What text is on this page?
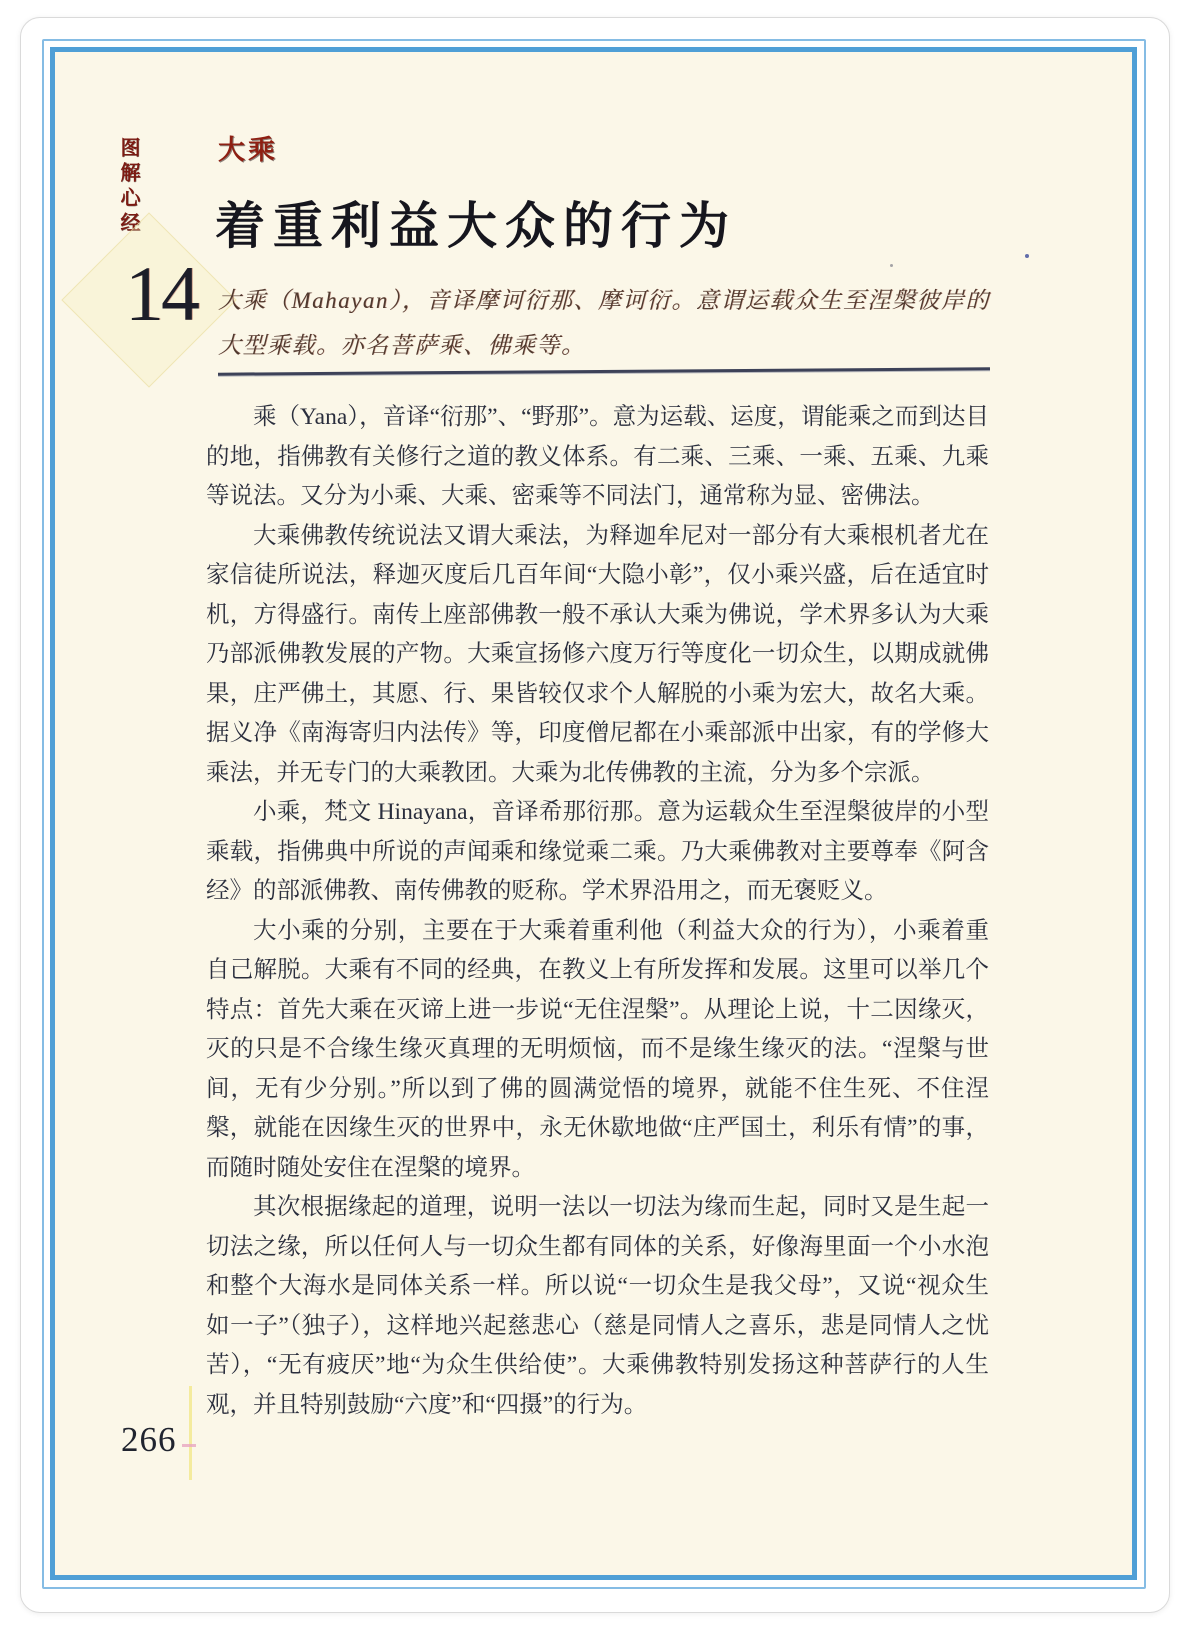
图解心经
14
大乘
着重利益大众的行为
大乘（Mahayan），音译摩诃衍那、摩诃衍。意谓运载众生至涅槃彼岸的大型乘载。亦名菩萨乘、佛乘等。

乘（Yana），音译“衍那”、“野那”。意为运载、运度，谓能乘之而到达目的地，指佛教有关修行之道的教义体系。有二乘、三乘、一乘、五乘、九乘等说法。又分为小乘、大乘、密乘等不同法门，通常称为显、密佛法。

大乘佛教传统说法又谓大乘法，为释迦牟尼对一部分有大乘根机者尤在家信徒所说法，释迦灭度后几百年间“大隐小彰”，仅小乘兴盛，后在适宜时机，方得盛行。南传上座部佛教一般不承认大乘为佛说，学术界多认为大乘乃部派佛教发展的产物。大乘宣扬修六度万行等度化一切众生，以期成就佛果，庄严佛土，其愿、行、果皆较仅求个人解脱的小乘为宏大，故名大乘。据义净《南海寄归内法传》等，印度僧尼都在小乘部派中出家，有的学修大乘法，并无专门的大乘教团。大乘为北传佛教的主流，分为多个宗派。

小乘，梵文 Hinayana，音译希那衍那。意为运载众生至涅槃彼岸的小型乘载，指佛典中所说的声闻乘和缘觉乘二乘。乃大乘佛教对主要尊奉《阿含经》的部派佛教、南传佛教的贬称。学术界沿用之，而无褒贬义。

大小乘的分别，主要在于大乘着重利他（利益大众的行为），小乘着重自己解脱。大乘有不同的经典，在教义上有所发挥和发展。这里可以举几个特点：首先大乘在灭谛上进一步说“无住涅槃”。从理论上说，十二因缘灭，灭的只是不合缘生缘灭真理的无明烦恼，而不是缘生缘灭的法。“涅槃与世间，无有少分别。”所以到了佛的圆满觉悟的境界，就能不住生死、不住涅槃，就能在因缘生灭的世界中，永无休歇地做“庄严国土，利乐有情”的事，而随时随处安住在涅槃的境界。

其次根据缘起的道理，说明一法以一切法为缘而生起，同时又是生起一切法之缘，所以任何人与一切众生都有同体的关系，好像海里面一个小水泡和整个大海水是同体关系一样。所以说“一切众生是我父母”，又说“视众生如一子”（独子），这样地兴起慈悲心（慈是同情人之喜乐，悲是同情人之忧苦），“无有疲厌”地“为众生供给使”。大乘佛教特别发扬这种菩萨行的人生观，并且特别鼓励“六度”和“四摄”的行为。

266
